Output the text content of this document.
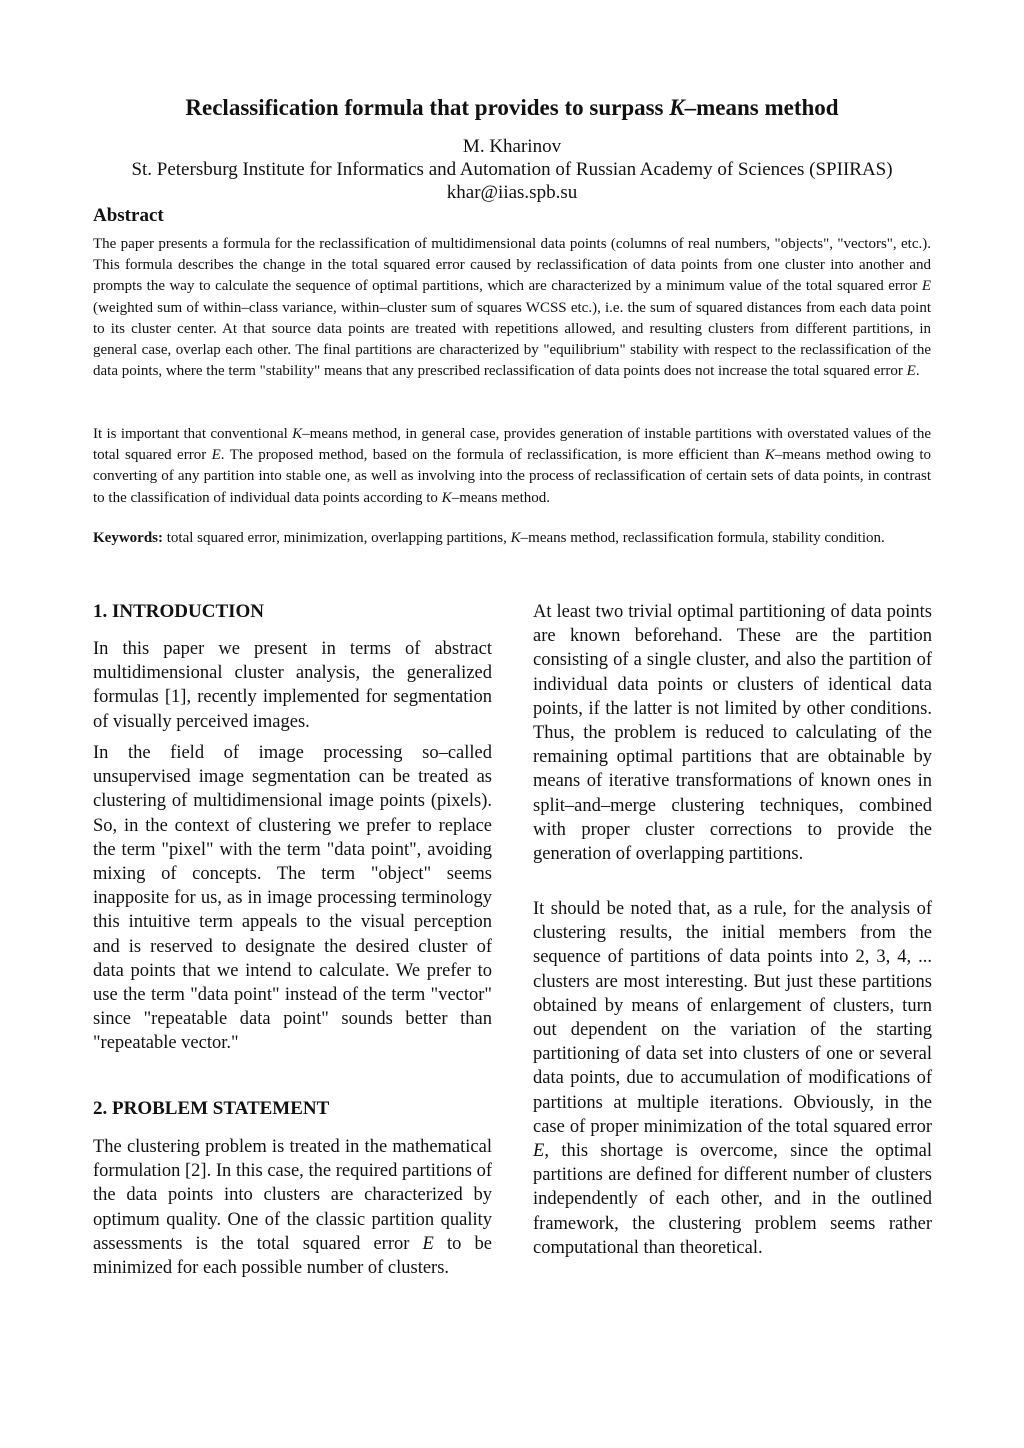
Reclassification formula that provides to surpass K–means method
M. Kharinov
St. Petersburg Institute for Informatics and Automation of Russian Academy of Sciences (SPIIRAS)
khar@iias.spb.su
Abstract
The paper presents a formula for the reclassification of multidimensional data points (columns of real numbers, "objects", "vectors", etc.). This formula describes the change in the total squared error caused by reclassification of data points from one cluster into another and prompts the way to calculate the sequence of optimal partitions, which are characterized by a minimum value of the total squared error E (weighted sum of within–class variance, within–cluster sum of squares WCSS etc.), i.e. the sum of squared distances from each data point to its cluster center. At that source data points are treated with repetitions allowed, and resulting clusters from different partitions, in general case, overlap each other. The final partitions are characterized by "equilibrium" stability with respect to the reclassification of the data points, where the term "stability" means that any prescribed reclassification of data points does not increase the total squared error E.
It is important that conventional K–means method, in general case, provides generation of instable partitions with overstated values of the total squared error E. The proposed method, based on the formula of reclassification, is more efficient than K–means method owing to converting of any partition into stable one, as well as involving into the process of reclassification of certain sets of data points, in contrast to the classification of individual data points according to K–means method.
Keywords: total squared error, minimization, overlapping partitions, K–means method, reclassification formula, stability condition.
1. INTRODUCTION
In this paper we present in terms of abstract multidimensional cluster analysis, the generalized formulas [1], recently implemented for segmentation of visually perceived images.
In the field of image processing so–called unsupervised image segmentation can be treated as clustering of multidimensional image points (pixels). So, in the context of clustering we prefer to replace the term "pixel" with the term "data point", avoiding mixing of concepts. The term "object" seems inapposite for us, as in image processing terminology this intuitive term appeals to the visual perception and is reserved to designate the desired cluster of data points that we intend to calculate. We prefer to use the term "data point" instead of the term "vector" since "repeatable data point" sounds better than "repeatable vector."
2. PROBLEM STATEMENT
The clustering problem is treated in the mathematical formulation [2]. In this case, the required partitions of the data points into clusters are characterized by optimum quality. One of the classic partition quality assessments is the total squared error E to be minimized for each possible number of clusters.
At least two trivial optimal partitioning of data points are known beforehand. These are the partition consisting of a single cluster, and also the partition of individual data points or clusters of identical data points, if the latter is not limited by other conditions. Thus, the problem is reduced to calculating of the remaining optimal partitions that are obtainable by means of iterative transformations of known ones in split–and–merge clustering techniques, combined with proper cluster corrections to provide the generation of overlapping partitions.
It should be noted that, as a rule, for the analysis of clustering results, the initial members from the sequence of partitions of data points into 2, 3, 4, ... clusters are most interesting. But just these partitions obtained by means of enlargement of clusters, turn out dependent on the variation of the starting partitioning of data set into clusters of one or several data points, due to accumulation of modifications of partitions at multiple iterations. Obviously, in the case of proper minimization of the total squared error E, this shortage is overcome, since the optimal partitions are defined for different number of clusters independently of each other, and in the outlined framework, the clustering problem seems rather computational than theoretical.
